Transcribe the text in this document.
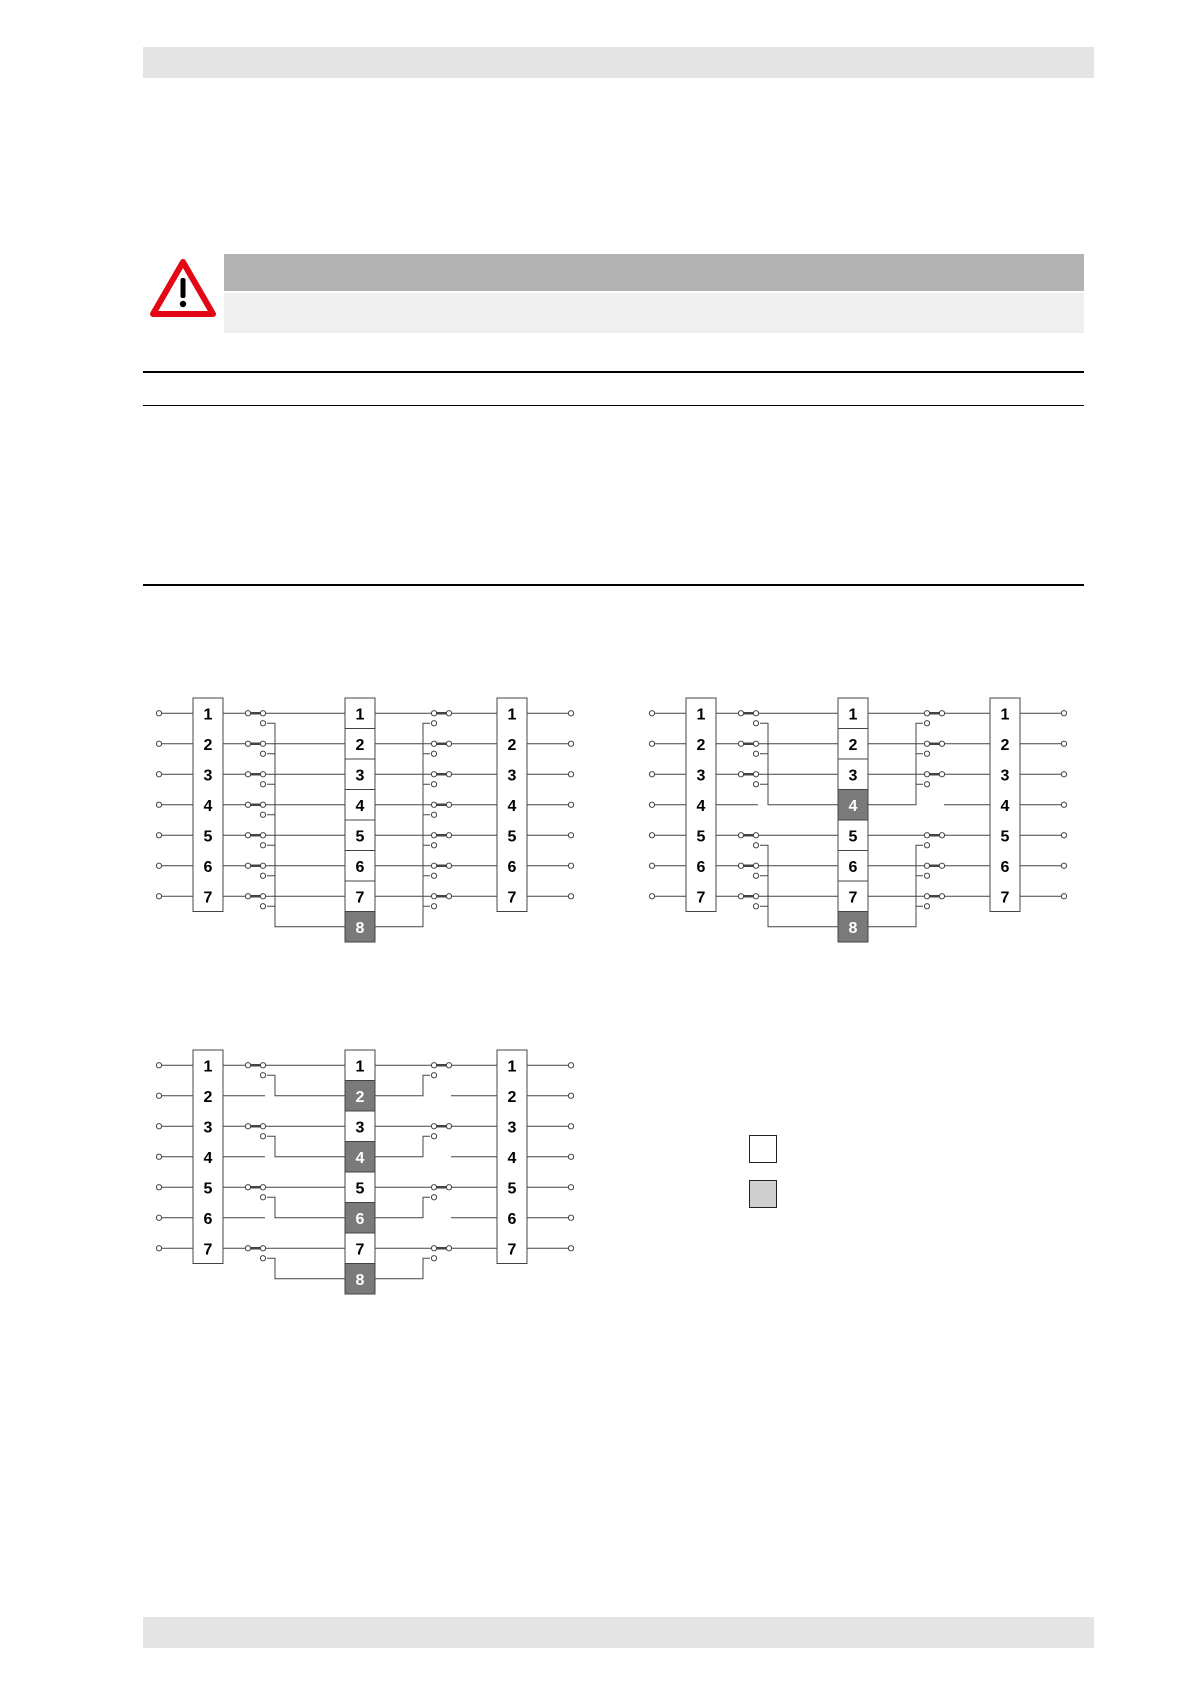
1	1
2	2
3	3
4	4
5	5
6	6
7	7
1
2
3
4
5
6
7
8
1	1
2	2
3	3
4	4
5	5
6	6
7	7
1
2
3
4
5
6
7
8
1	1
2	2
3	3
4	4
5	5
6	6
7	7
1
2
3
4
5
6
7
8
